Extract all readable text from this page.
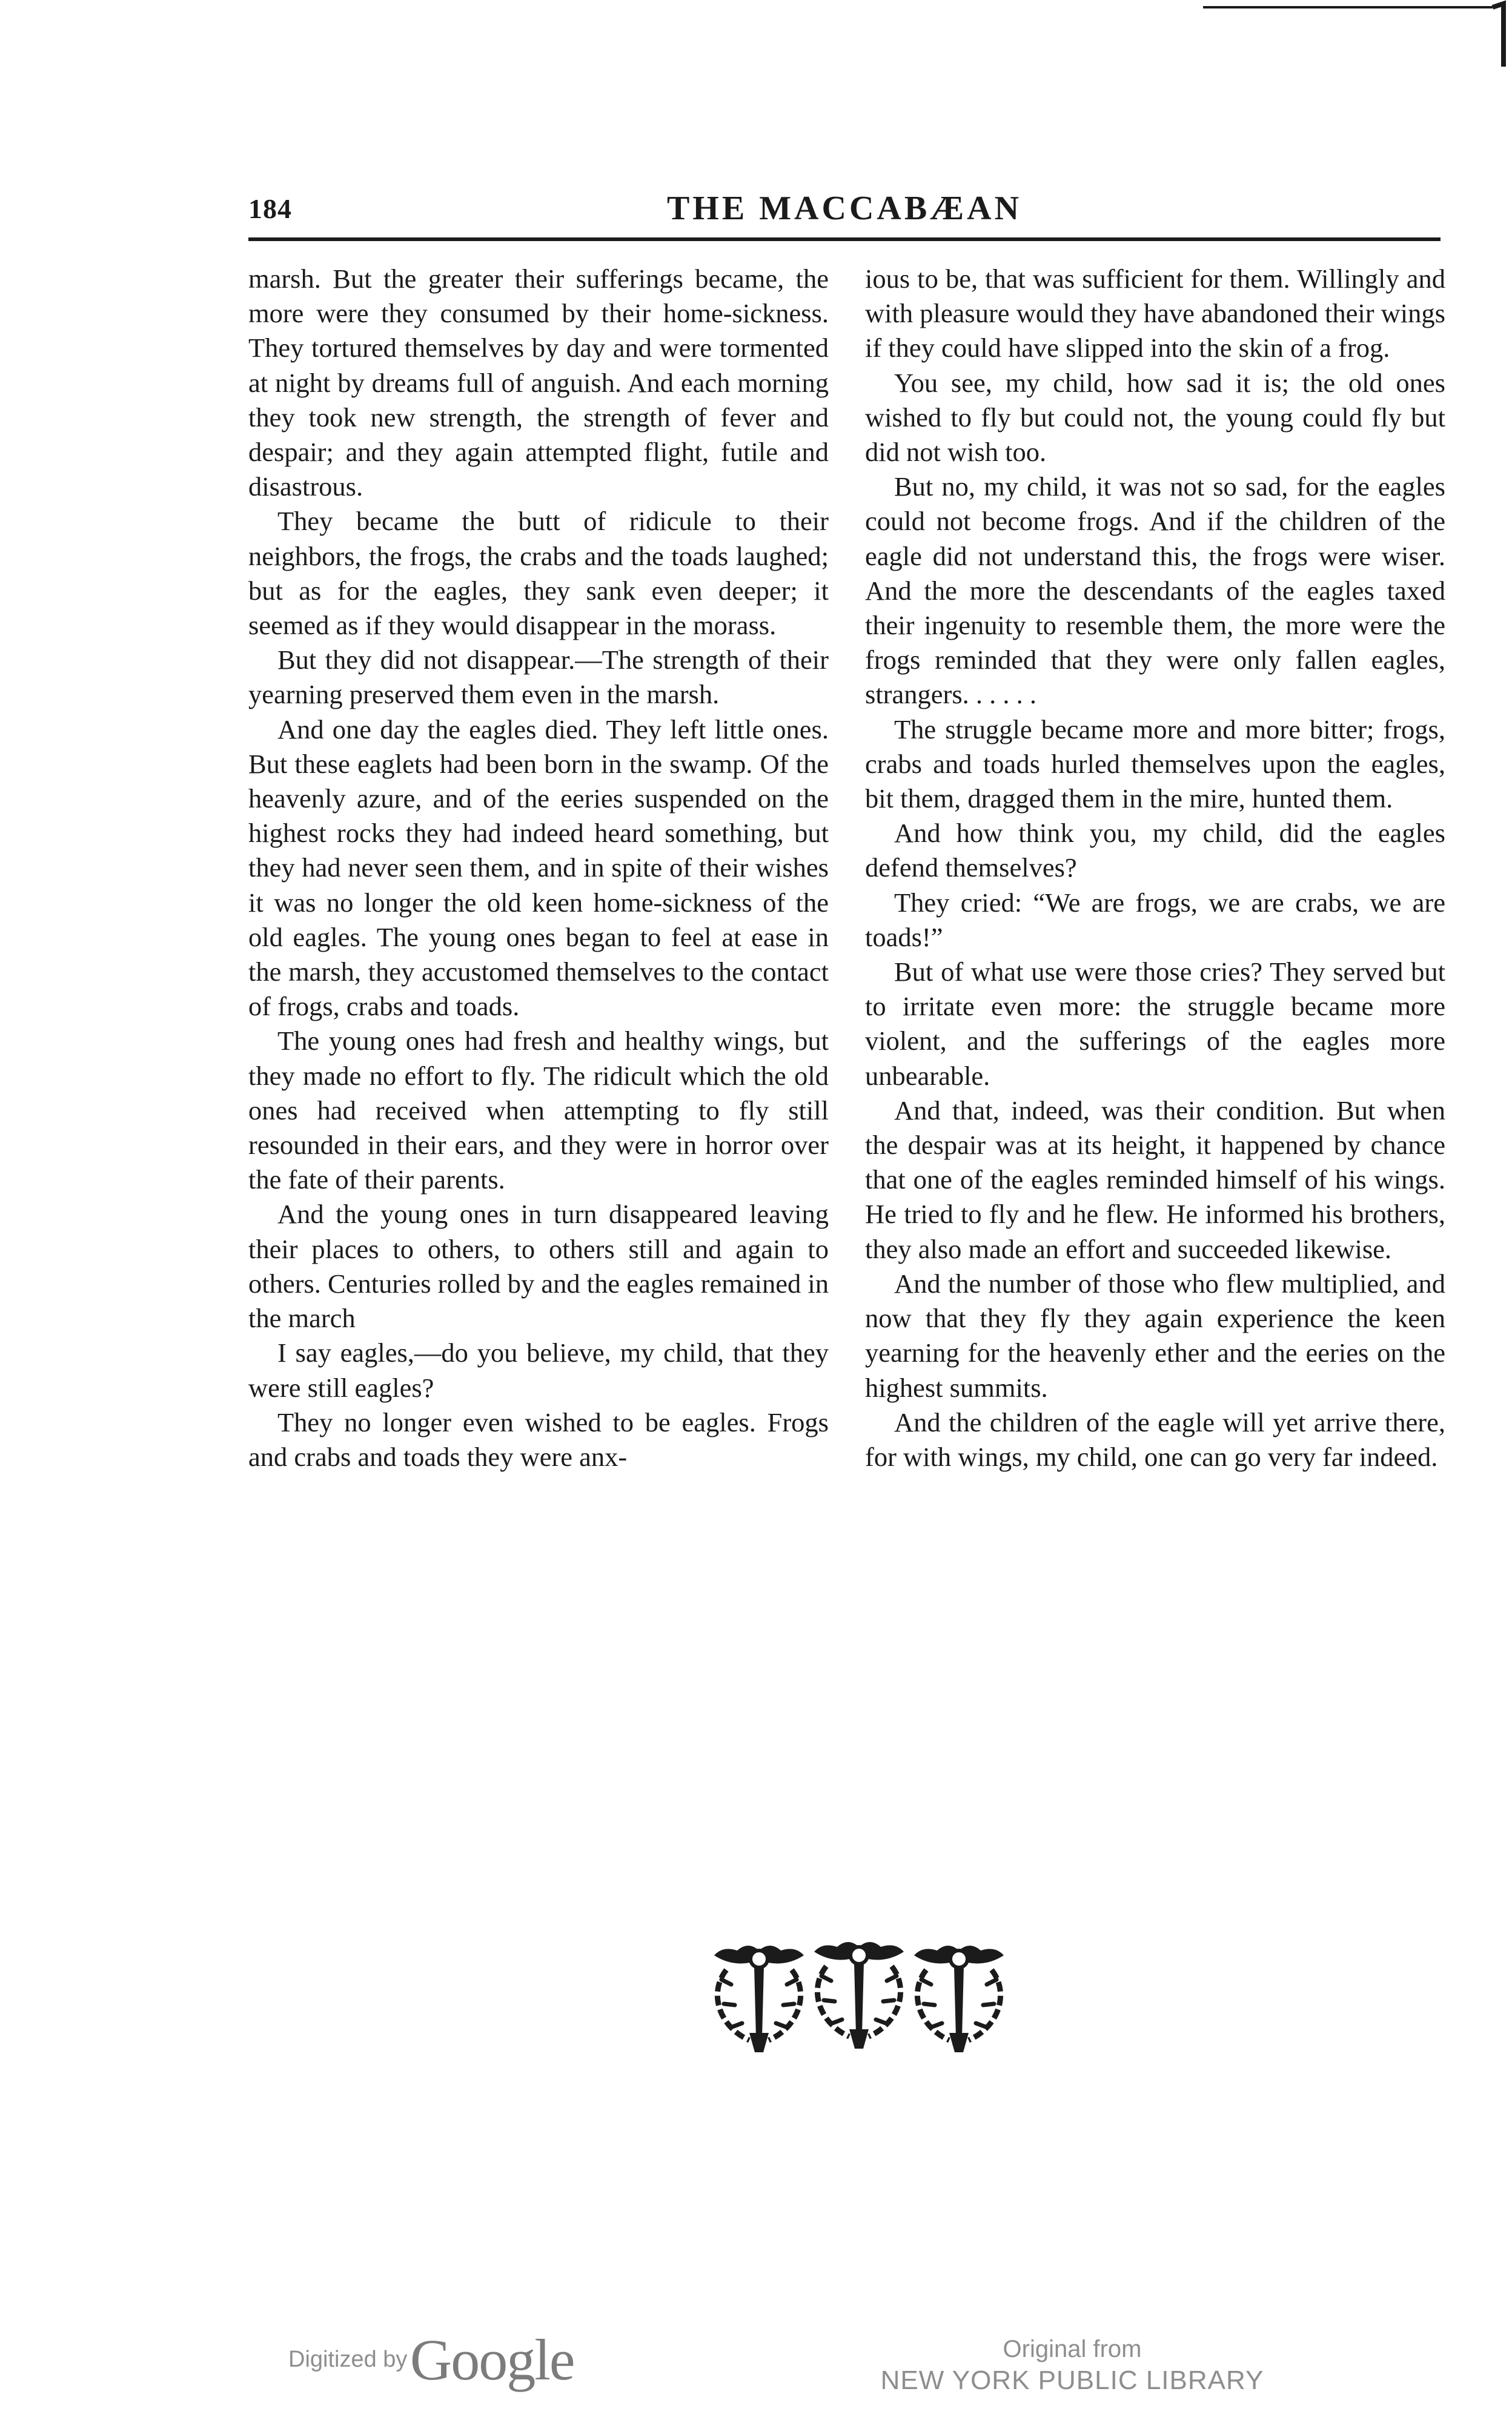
184	THE MACCABÆAN

marsh. But the greater their sufferings became, the more were they consumed by their home-sickness. They tortured themselves by day and were tormented at night by dreams full of anguish. And each morning they took new strength, the strength of fever and despair; and they again attempted flight, futile and disastrous.

They became the butt of ridicule to their neighbors, the frogs, the crabs and the toads laughed; but as for the eagles, they sank even deeper; it seemed as if they would disappear in the morass.

But they did not disappear.—The strength of their yearning preserved them even in the marsh.

And one day the eagles died. They left little ones. But these eaglets had been born in the swamp. Of the heavenly azure, and of the eeries suspended on the highest rocks they had indeed heard something, but they had never seen them, and in spite of their wishes it was no longer the old keen home-sickness of the old eagles. The young ones began to feel at ease in the marsh, they accustomed themselves to the contact of frogs, crabs and toads.

The young ones had fresh and healthy wings, but they made no effort to fly. The ridicult which the old ones had received when attempting to fly still resounded in their ears, and they were in horror over the fate of their parents.

And the young ones in turn disappeared leaving their places to others, to others still and again to others. Centuries rolled by and the eagles remained in the march

I say eagles,—do you believe, my child, that they were still eagles?

They no longer even wished to be eagles. Frogs and crabs and toads they were anx-

ious to be, that was sufficient for them. Willingly and with pleasure would they have abandoned their wings if they could have slipped into the skin of a frog.

You see, my child, how sad it is; the old ones wished to fly but could not, the young could fly but did not wish too.

But no, my child, it was not so sad, for the eagles could not become frogs. And if the children of the eagle did not understand this, the frogs were wiser. And the more the descendants of the eagles taxed their ingenuity to resemble them, the more were the frogs reminded that they were only fallen eagles, strangers. . . . . .

The struggle became more and more bitter; frogs, crabs and toads hurled themselves upon the eagles, bit them, dragged them in the mire, hunted them.

And how think you, my child, did the eagles defend themselves?

They cried: “We are frogs, we are crabs, we are toads!”

But of what use were those cries? They served but to irritate even more: the struggle became more violent, and the sufferings of the eagles more unbearable.

And that, indeed, was their condition. But when the despair was at its height, it happened by chance that one of the eagles reminded himself of his wings. He tried to fly and he flew. He informed his brothers, they also made an effort and succeeded likewise.

And the number of those who flew multiplied, and now that they fly they again experience the keen yearning for the heavenly ether and the eeries on the highest summits.

And the children of the eagle will yet arrive there, for with wings, my child, one can go very far indeed.

Digitized by Google	Original from
NEW YORK PUBLIC LIBRARY
